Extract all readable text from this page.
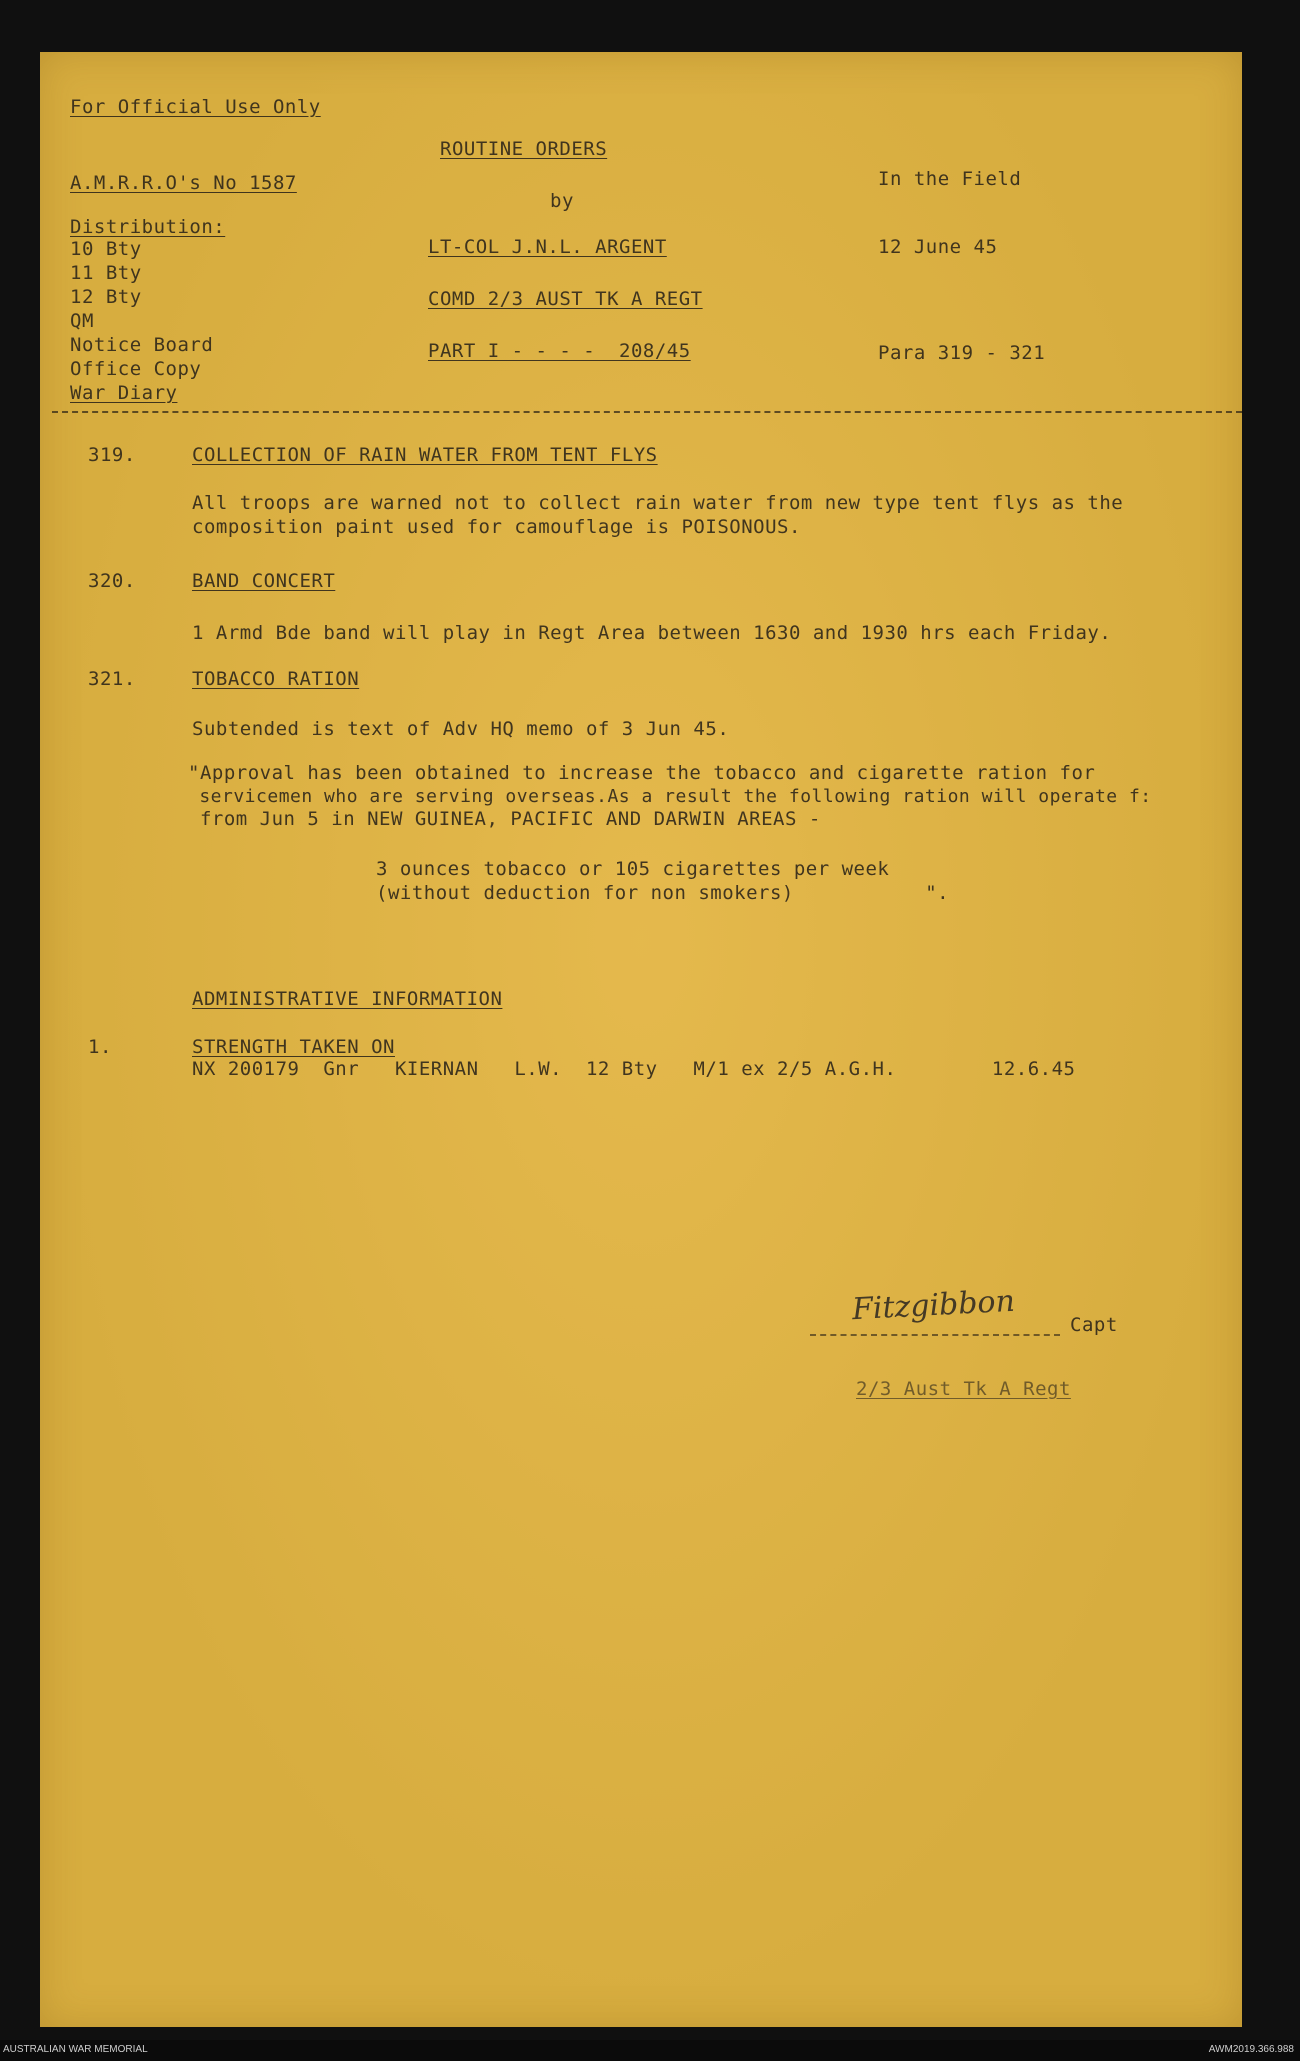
For Official Use Only
A.M.R.R.O's No 1587
Distribution:
10 Bty
11 Bty
12 Bty
QM
Notice Board
Office Copy
War Diary
ROUTINE ORDERS
by
LT-COL J.N.L. ARGENT
COMD 2/3 AUST TK A REGT
PART I - - - -  208/45
In the Field
12 June 45
Para 319 - 321
319.	COLLECTION OF RAIN WATER FROM TENT FLYS
All troops are warned not to collect rain water from new type tent flys as the
composition paint used for camouflage is POISONOUS.
320.	BAND CONCERT
1 Armd Bde band will play in Regt Area between 1630 and 1930 hrs each Friday.
321.	TOBACCO RATION
Subtended is text of Adv HQ memo of 3 Jun 45.
"Approval has been obtained to increase the tobacco and cigarette ration for
servicemen who are serving overseas.As a result the following ration will operate f:
from Jun 5 in NEW GUINEA, PACIFIC AND DARWIN AREAS -
3 ounces tobacco or 105 cigarettes per week
(without deduction for non smokers)           ".
ADMINISTRATIVE INFORMATION
1.	STRENGTH TAKEN ON
NX 200179  Gnr   KIERNAN   L.W.  12 Bty   M/1 ex 2/5 A.G.H.        12.6.45
Fitzgibbon	Capt
2/3 Aust Tk A Regt
AUSTRALIAN WAR MEMORIAL	AWM2019.366.988
